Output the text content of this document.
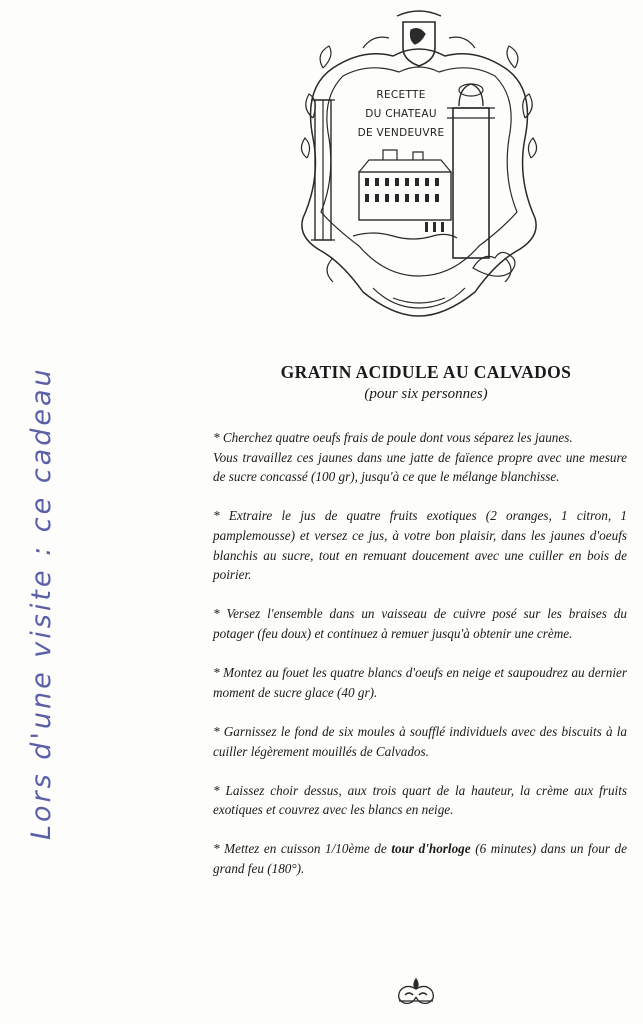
Lors d'une visite : ce cadeau
RECETTE
DU CHATEAU
DE VENDEUVRE
GRATIN ACIDULE AU CALVADOS
(pour six personnes)

* Cherchez quatre oeufs frais de poule dont vous séparez les jaunes.

Vous travaillez ces jaunes dans une jatte de faïence propre avec une mesure de sucre concassé (100 gr), jusqu'à ce que le mélange blanchisse.

* Extraire le jus de quatre fruits exotiques (2 oranges, 1 citron, 1 pamplemousse) et versez ce jus, à votre bon plaisir, dans les jaunes d'oeufs blanchis au sucre, tout en remuant doucement avec une cuiller en bois de poirier.

* Versez l'ensemble dans un vaisseau de cuivre posé sur les braises du potager (feu doux) et continuez à remuer jusqu'à obtenir une crème.

* Montez au fouet les quatre blancs d'oeufs en neige et saupoudrez au dernier moment de sucre glace (40 gr).

* Garnissez le fond de six moules à soufflé individuels avec des biscuits à la cuiller légèrement mouillés de Calvados.

* Laissez choir dessus, aux trois quart de la hauteur, la crème aux fruits exotiques et couvrez avec les blancs en neige.

* Mettez en cuisson 1/10ème de tour d'horloge (6 minutes) dans un four de grand feu (180°).
